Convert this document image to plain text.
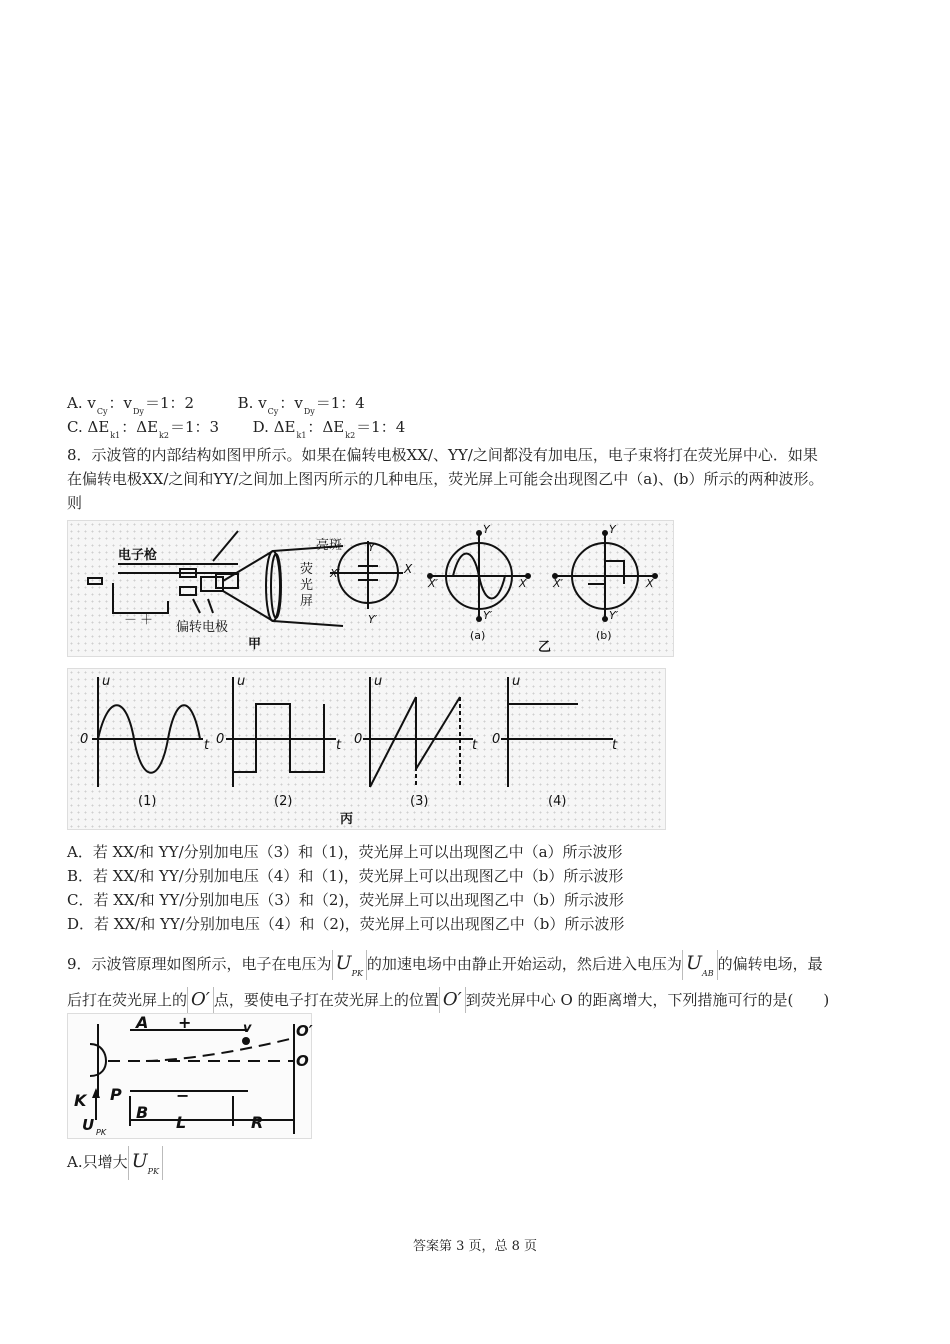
A. $v_{Cy}$：$v_{Dy}=1$：2	B. $v_{Cy}$：$v_{Dy}=1$：4
C. $\Delta E_{k1}$：$\Delta E_{k2}=1$：3 D. $\Delta E_{k1}$：$\Delta E_{k2}=1$：4
8．示波管的内部结构如图甲所示。如果在偏转电极XX/、YY/之间都没有加电压，电子束将打在荧光屏中心．如果
在偏转电极XX/之间和YY/之间加上图丙所示的几种电压，荧光屏上可能会出现图乙中（a)、(b）所示的两种波形。
则
电子枪
亮斑
荧
光
屏
偏转电极
－ ＋
甲	乙
Y
Y′
X
X′
Y
Y′
X′	X
Y
Y′
X′	X
(a)	(b)
u
0	t
u
0	t
u
0	t
u
0	t
(1)	(2)	(3)	(4)
丙
A．若 XX/和 YY/分别加电压（3）和（1)，荧光屏上可以出现图乙中（a）所示波形
B．若 XX/和 YY/分别加电压（4）和（1)，荧光屏上可以出现图乙中（b）所示波形
C．若 XX/和 YY/分别加电压（3）和（2)，荧光屏上可以出现图乙中（b）所示波形
D．若 XX/和 YY/分别加电压（4）和（2)，荧光屏上可以出现图乙中（b）所示波形
9．示波管原理如图所示，电子在电压为 $U_{PK}$的加速电场中由静止开始运动，然后进入电压为 $U_{AB}$的偏转电场，最
后打在荧光屏上的 O′ 点，要使电子打在荧光屏上的位置 O′ 到荧光屏中心 O 的距离增大，下列措施可行的是(　　)
A +	v	O′
O
K P	−
U PK
B
L	R
A.只增大 $U_{PK}$
答案第 3 页，总 8 页
